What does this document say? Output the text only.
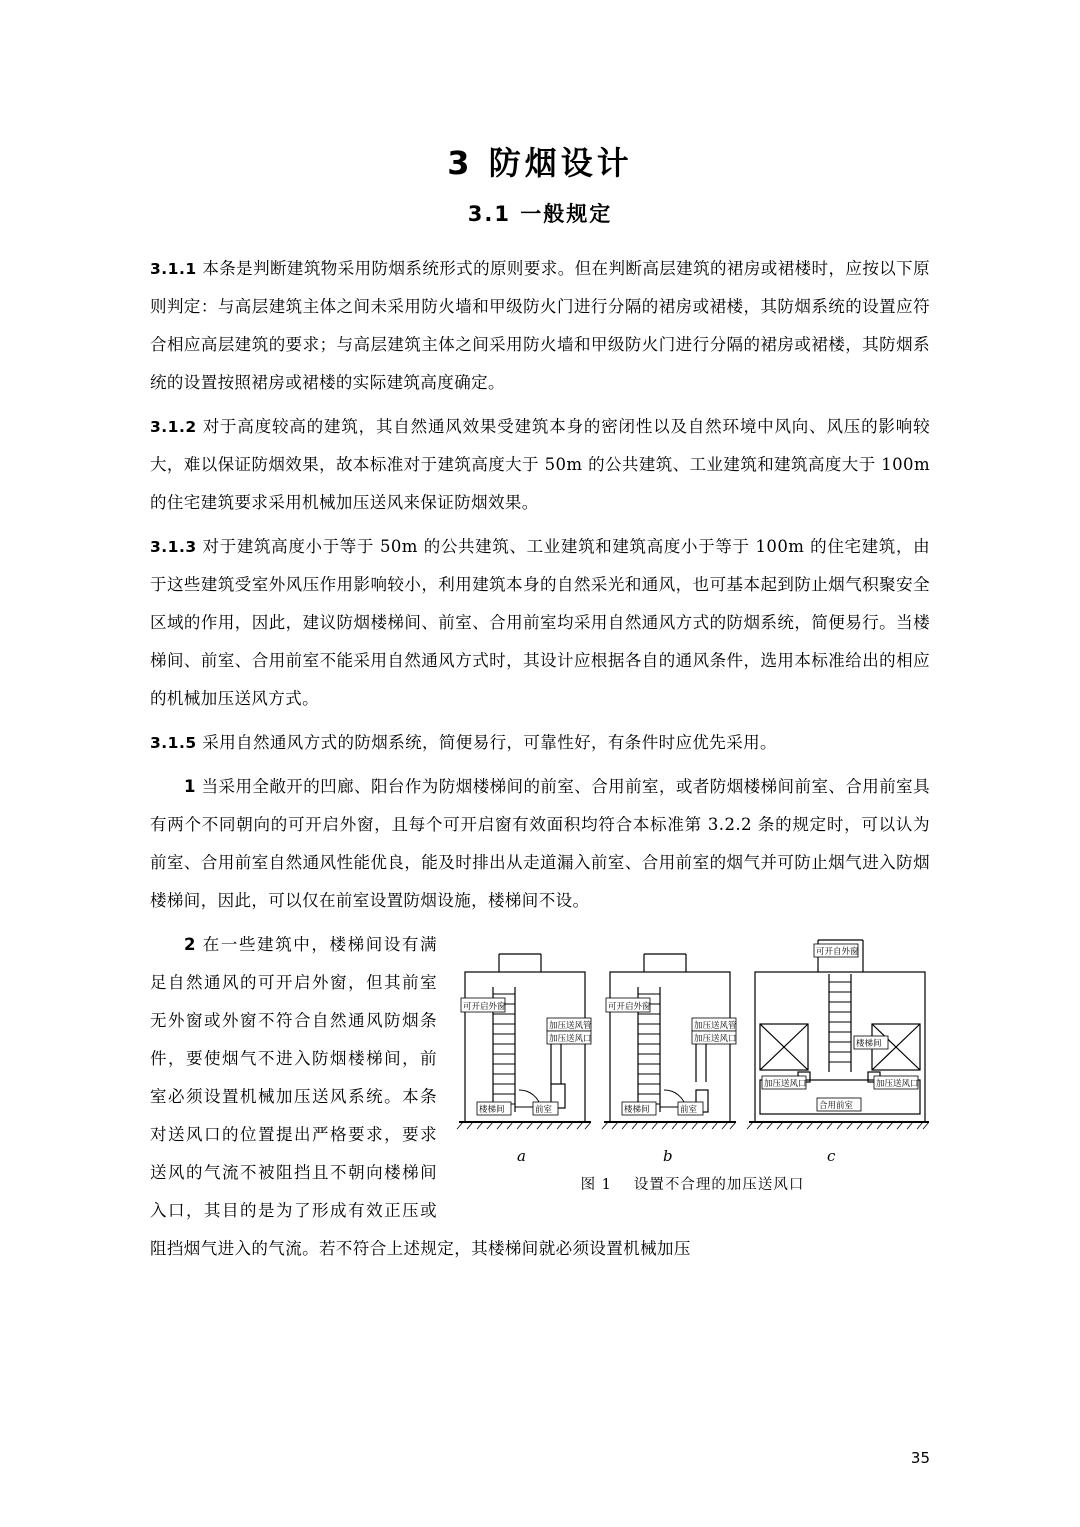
3 防烟设计
3.1 一般规定

3.1.1 本条是判断建筑物采用防烟系统形式的原则要求。但在判断高层建筑的裙房或裙楼时，应按以下原则判定：与高层建筑主体之间未采用防火墙和甲级防火门进行分隔的裙房或裙楼，其防烟系统的设置应符合相应高层建筑的要求；与高层建筑主体之间采用防火墙和甲级防火门进行分隔的裙房或裙楼，其防烟系统的设置按照裙房或裙楼的实际建筑高度确定。

3.1.2 对于高度较高的建筑，其自然通风效果受建筑本身的密闭性以及自然环境中风向、风压的影响较大，难以保证防烟效果，故本标准对于建筑高度大于 50m 的公共建筑、工业建筑和建筑高度大于 100m 的住宅建筑要求采用机械加压送风来保证防烟效果。

3.1.3 对于建筑高度小于等于 50m 的公共建筑、工业建筑和建筑高度小于等于 100m 的住宅建筑，由于这些建筑受室外风压作用影响较小，利用建筑本身的自然采光和通风，也可基本起到防止烟气积聚安全区域的作用，因此，建议防烟楼梯间、前室、合用前室均采用自然通风方式的防烟系统，简便易行。当楼梯间、前室、合用前室不能采用自然通风方式时，其设计应根据各自的通风条件，选用本标准给出的相应的机械加压送风方式。

3.1.5 采用自然通风方式的防烟系统，简便易行，可靠性好，有条件时应优先采用。

1 当采用全敞开的凹廊、阳台作为防烟楼梯间的前室、合用前室，或者防烟楼梯间前室、合用前室具有两个不同朝向的可开启外窗，且每个可开启窗有效面积均符合本标准第 3.2.2 条的规定时，可以认为前室、合用前室自然通风性能优良，能及时排出从走道漏入前室、合用前室的烟气并可防止烟气进入防烟楼梯间，因此，可以仅在前室设置防烟设施，楼梯间不设。

可开启外窗
加压送风管
加压送风口
楼梯间	前室
可开启外窗
加压送风管
加压送风口
楼梯间	前室
可开自外窗
楼梯间
加压送风口	加压送风口
合用前室
a	b	c
图 1 设置不合理的加压送风口

2 在一些建筑中，楼梯间设有满足自然通风的可开启外窗，但其前室无外窗或外窗不符合自然通风防烟条件，要使烟气不进入防烟楼梯间，前室必须设置机械加压送风系统。本条对送风口的位置提出严格要求，要求送风的气流不被阻挡且不朝向楼梯间入口，其目的是为了形成有效正压或阻挡烟气进入的气流。若不符合上述规定，其楼梯间就必须设置机械加压

35
